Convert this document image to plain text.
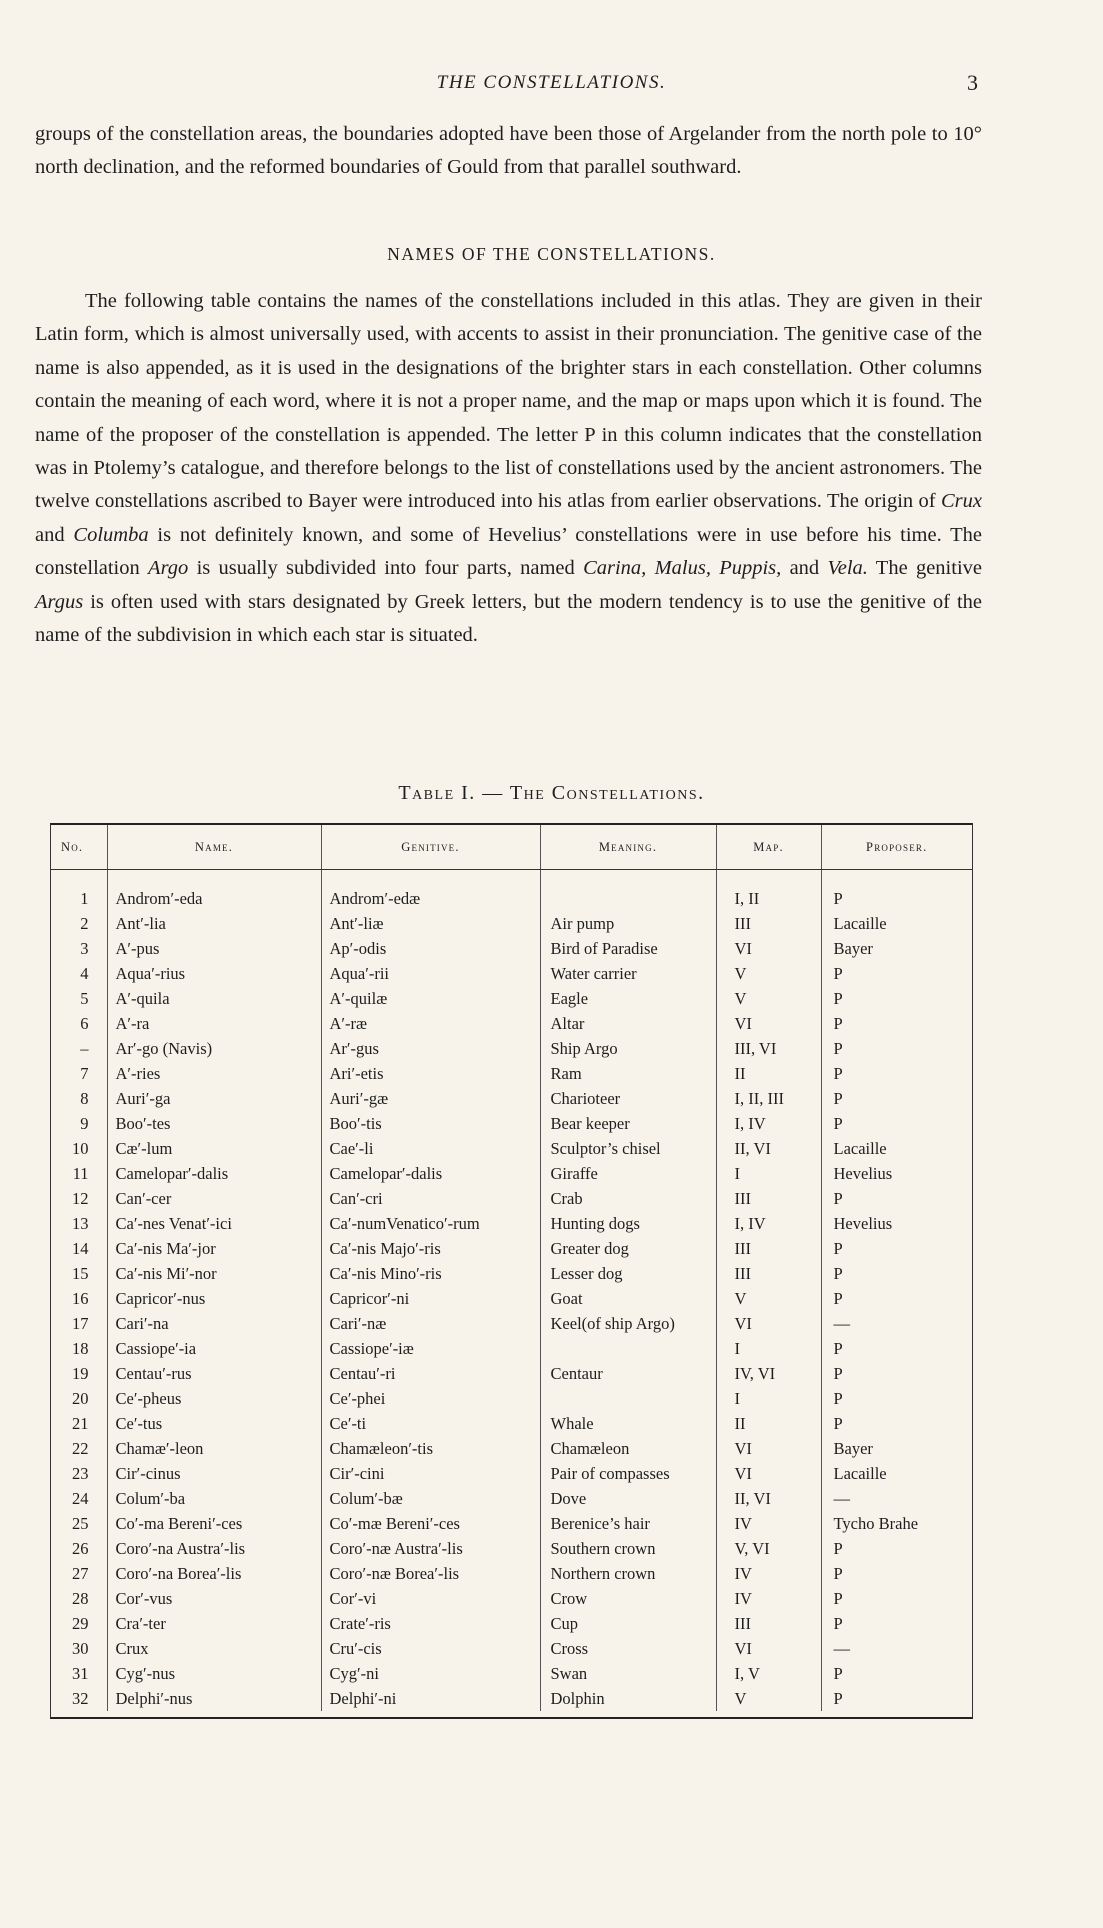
THE CONSTELLATIONS.	3

groups of the constellation areas, the boundaries adopted have been those of Argelander from the north pole to 10° north declination, and the reformed boundaries of Gould from that parallel southward.

NAMES OF THE CONSTELLATIONS.

The following table contains the names of the constellations included in this atlas. They are given in their Latin form, which is almost universally used, with accents to assist in their pronunciation. The genitive case of the name is also appended, as it is used in the designations of the brighter stars in each constellation. Other columns contain the meaning of each word, where it is not a proper name, and the map or maps upon which it is found. The name of the proposer of the constellation is appended. The letter P in this column indicates that the constellation was in Ptolemy’s catalogue, and therefore belongs to the list of constellations used by the ancient astronomers. The twelve constellations ascribed to Bayer were introduced into his atlas from earlier observations. The origin of Crux and Columba is not definitely known, and some of Hevelius’ constellations were in use before his time. The constellation Argo is usually subdivided into four parts, named Carina, Malus, Puppis, and Vela. The genitive Argus is often used with stars designated by Greek letters, but the modern tendency is to use the genitive of the name of the subdivision in which each star is situated.

Table I. — The Constellations.
No.	Name.	Genitive.	Meaning.	Map.	Proposer.

1	Androm′-eda	Androm′-edæ		I, II	P
2	Ant′-lia	Ant′-liæ	Air pump	III	Lacaille
3	A′-pus	Ap′-odis	Bird of Paradise	VI	Bayer
4	Aqua′-rius	Aqua′-rii	Water carrier	V	P
5	A′-quila	A′-quilæ	Eagle	V	P
6	A′-ra	A′-ræ	Altar	VI	P
–	Ar′-go (Navis)	Ar′-gus	Ship Argo	III, VI	P
7	A′-ries	Ari′-etis	Ram	II	P
8	Auri′-ga	Auri′-gæ	Charioteer	I, II, III	P
9	Boo′-tes	Boo′-tis	Bear keeper	I, IV	P
10	Cæ′-lum	Cae′-li	Sculptor’s chisel	II, VI	Lacaille
11	Camelopar′-dalis	Camelopar′-dalis	Giraffe	I	Hevelius
12	Can′-cer	Can′-cri	Crab	III	P
13	Ca′-nes Venat′-ici	Ca′-numVenatico′-rum	Hunting dogs	I, IV	Hevelius
14	Ca′-nis Ma′-jor	Ca′-nis Majo′-ris	Greater dog	III	P
15	Ca′-nis Mi′-nor	Ca′-nis Mino′-ris	Lesser dog	III	P
16	Capricor′-nus	Capricor′-ni	Goat	V	P
17	Cari′-na	Cari′-næ	Keel(of ship Argo)	VI	—
18	Cassiope′-ia	Cassiope′-iæ		I	P
19	Centau′-rus	Centau′-ri	Centaur	IV, VI	P
20	Ce′-pheus	Ce′-phei		I	P
21	Ce′-tus	Ce′-ti	Whale	II	P
22	Chamæ′-leon	Chamæleon′-tis	Chamæleon	VI	Bayer
23	Cir′-cinus	Cir′-cini	Pair of compasses	VI	Lacaille
24	Colum′-ba	Colum′-bæ	Dove	II, VI	—
25	Co′-ma Bereni′-ces	Co′-mæ Bereni′-ces	Berenice’s hair	IV	Tycho Brahe
26	Coro′-na Austra′-lis	Coro′-næ Austra′-lis	Southern crown	V, VI	P
27	Coro′-na Borea′-lis	Coro′-næ Borea′-lis	Northern crown	IV	P
28	Cor′-vus	Cor′-vi	Crow	IV	P
29	Cra′-ter	Crate′-ris	Cup	III	P
30	Crux	Cru′-cis	Cross	VI	—
31	Cyg′-nus	Cyg′-ni	Swan	I, V	P
32	Delphi′-nus	Delphi′-ni	Dolphin	V	P
